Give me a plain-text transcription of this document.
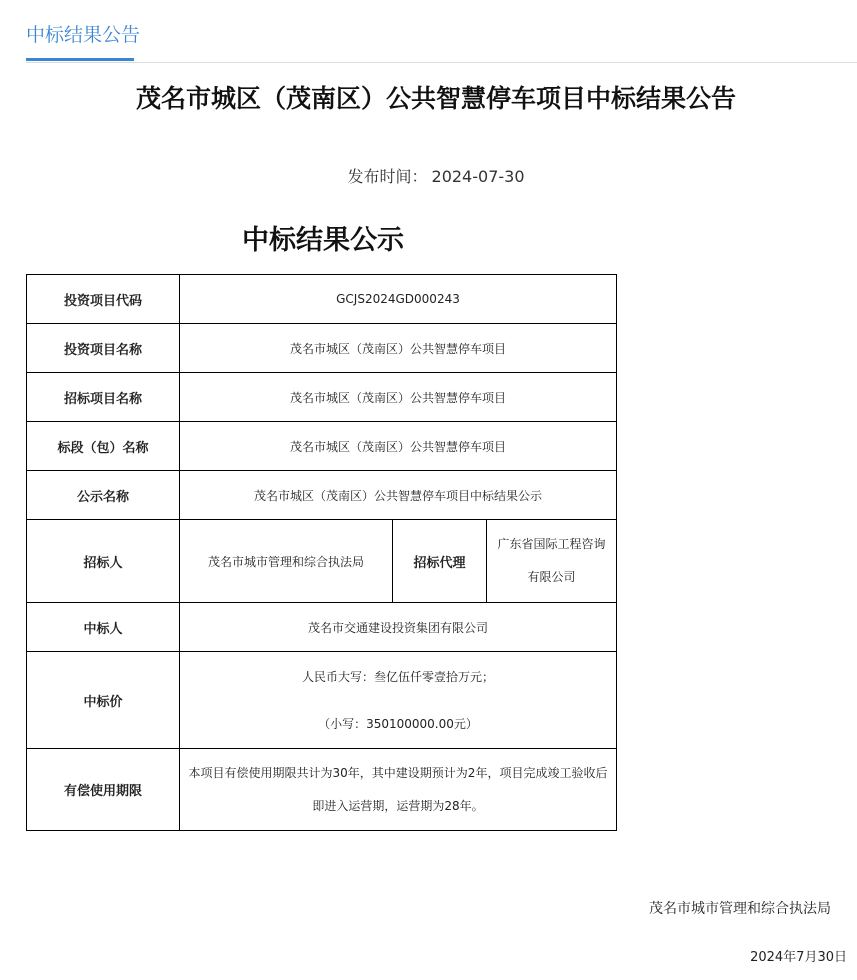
中标结果公告
茂名市城区（茂南区）公共智慧停车项目中标结果公告
发布时间： 2024-07-30
中标结果公示
投资项目代码	GCJS2024GD000243		
投资项目名称	茂名市城区（茂南区）公共智慧停车项目		
招标项目名称	茂名市城区（茂南区）公共智慧停车项目		
标段（包）名称	茂名市城区（茂南区）公共智慧停车项目		
公示名称	茂名市城区（茂南区）公共智慧停车项目中标结果公示		
招标人	茂名市城市管理和综合执法局	招标代理	广东省国际工程咨询有限公司
中标人	茂名市交通建设投资集团有限公司		
中标价	人民币大写：叁亿伍仟零壹拾万元；
（小写：350100000.00元）		

有偿使用期限	本项目有偿使用期限共计为30年，其中建设期预计为2年，项目完成竣工验收后即进入运营期，运营期为28年。		
茂名市城市管理和综合执法局
2024年7月30日
